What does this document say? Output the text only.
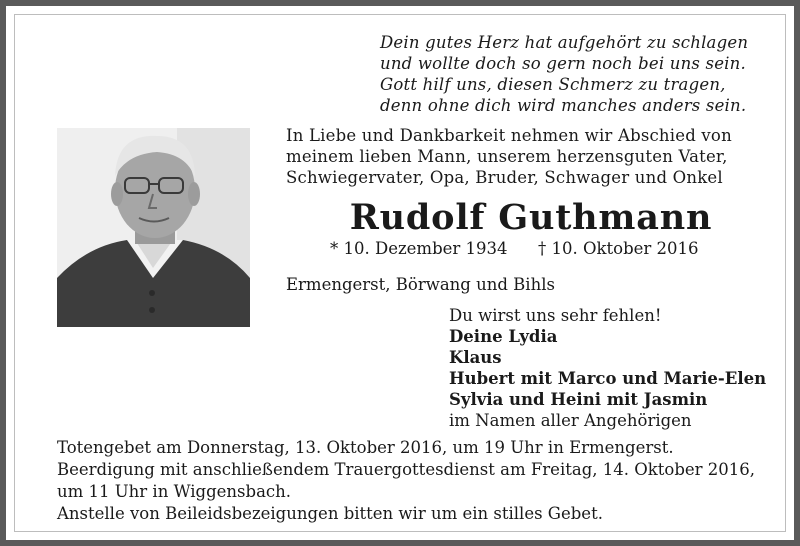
Dein gutes Herz hat aufgehört zu schlagen
und wolltе doch so gern noch bei uns sein.
Gott hilf uns, diesen Schmerz zu tragen,
denn ohne dich wird manches anders sein.
In Liebe und Dankbarkeit nehmen wir Abschied von
meinem lieben Mann, unserem herzensguten Vater,
Schwiegervater, Opa, Bruder, Schwager und Onkel
Rudolf Guthmann
* 10. Dezember 1934 † 10. Oktober 2016
Ermengerst, Börwang und Bihls
Du wirst uns sehr fehlen!
Deine Lydia
Klaus
Hubert mit Marco und Marie-Elen
Sylvia und Heini mit Jasmin
im Namen aller Angehörigen
Totengebet am Donnerstag, 13. Oktober 2016, um 19 Uhr in Ermengerst.
Beerdigung mit anschließendem Trauergottesdienst am Freitag, 14. Oktober 2016,
um 11 Uhr in Wiggensbach.
Anstelle von Beileidsbezeigungen bitten wir um ein stilles Gebet.
